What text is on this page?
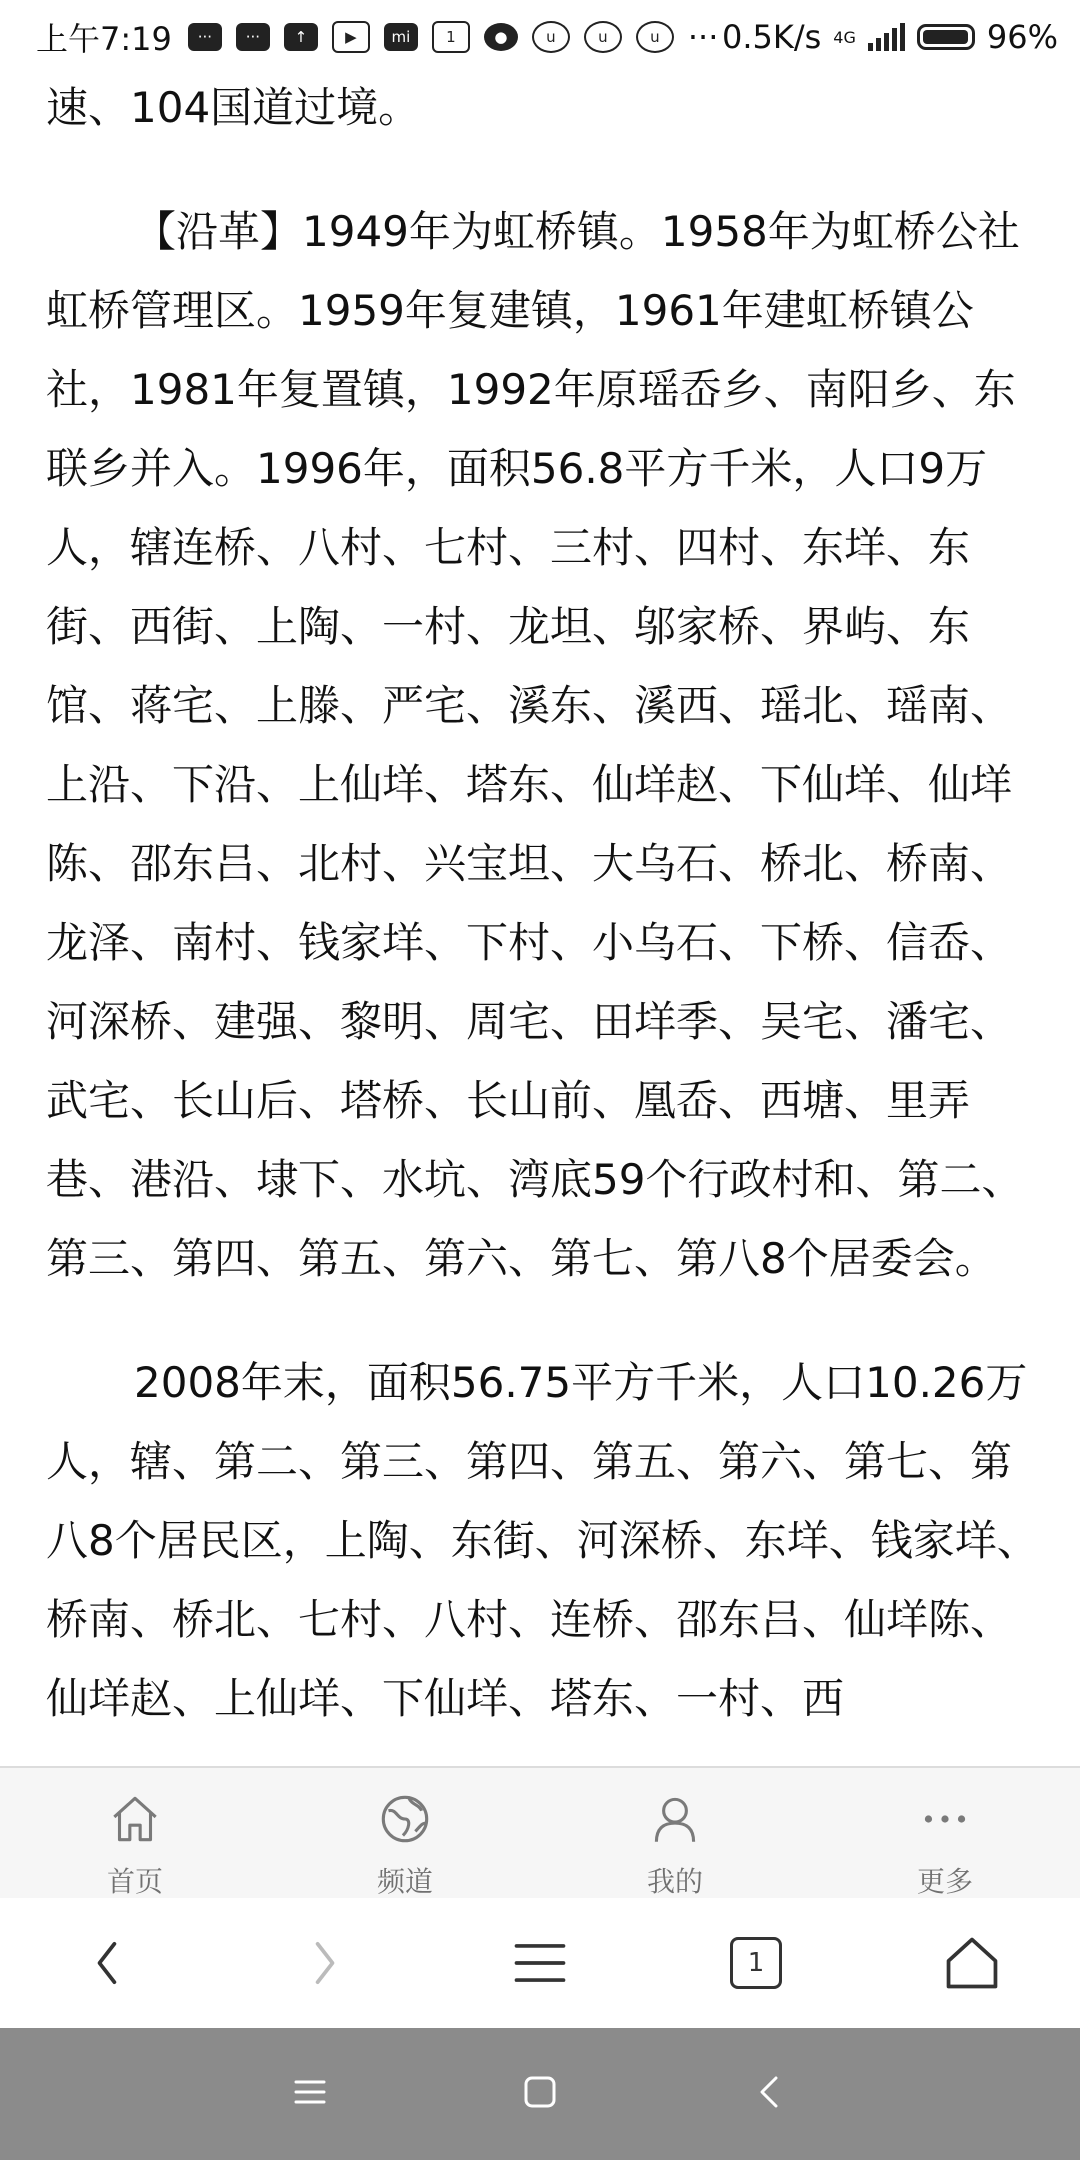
上午7:19	···	···	↑	▶	mi	1	●	u	u	u ··· 0.5K/s 4G	96%

速、104国道过境。

【沿革】1949年为虹桥镇。1958年为虹桥公社虹桥管理区。1959年复建镇，1961年建虹桥镇公社，1981年复置镇，1992年原瑶岙乡、南阳乡、东联乡并入。1996年，面积56.8平方千米，人口9万人，辖连桥、八村、七村、三村、四村、东垟、东街、西街、上陶、一村、龙坦、邬家桥、界屿、东馆、蒋宅、上滕、严宅、溪东、溪西、瑶北、瑶南、上沿、下沿、上仙垟、塔东、仙垟赵、下仙垟、仙垟陈、邵东吕、北村、兴宝坦、大乌石、桥北、桥南、龙泽、南村、钱家垟、下村、小乌石、下桥、信岙、河深桥、建强、黎明、周宅、田垟季、吴宅、潘宅、武宅、长山后、塔桥、长山前、凰岙、西塘、里弄巷、港沿、埭下、水坑、湾底59个行政村和、第二、第三、第四、第五、第六、第七、第八8个居委会。

2008年末，面积56.75平方千米，人口10.26万人，辖、第二、第三、第四、第五、第六、第七、第八8个居民区，上陶、东街、河深桥、东垟、钱家垟、桥南、桥北、七村、八村、连桥、邵东吕、仙垟陈、仙垟赵、上仙垟、下仙垟、塔东、一村、西

首页	频道	我的	更多
1
